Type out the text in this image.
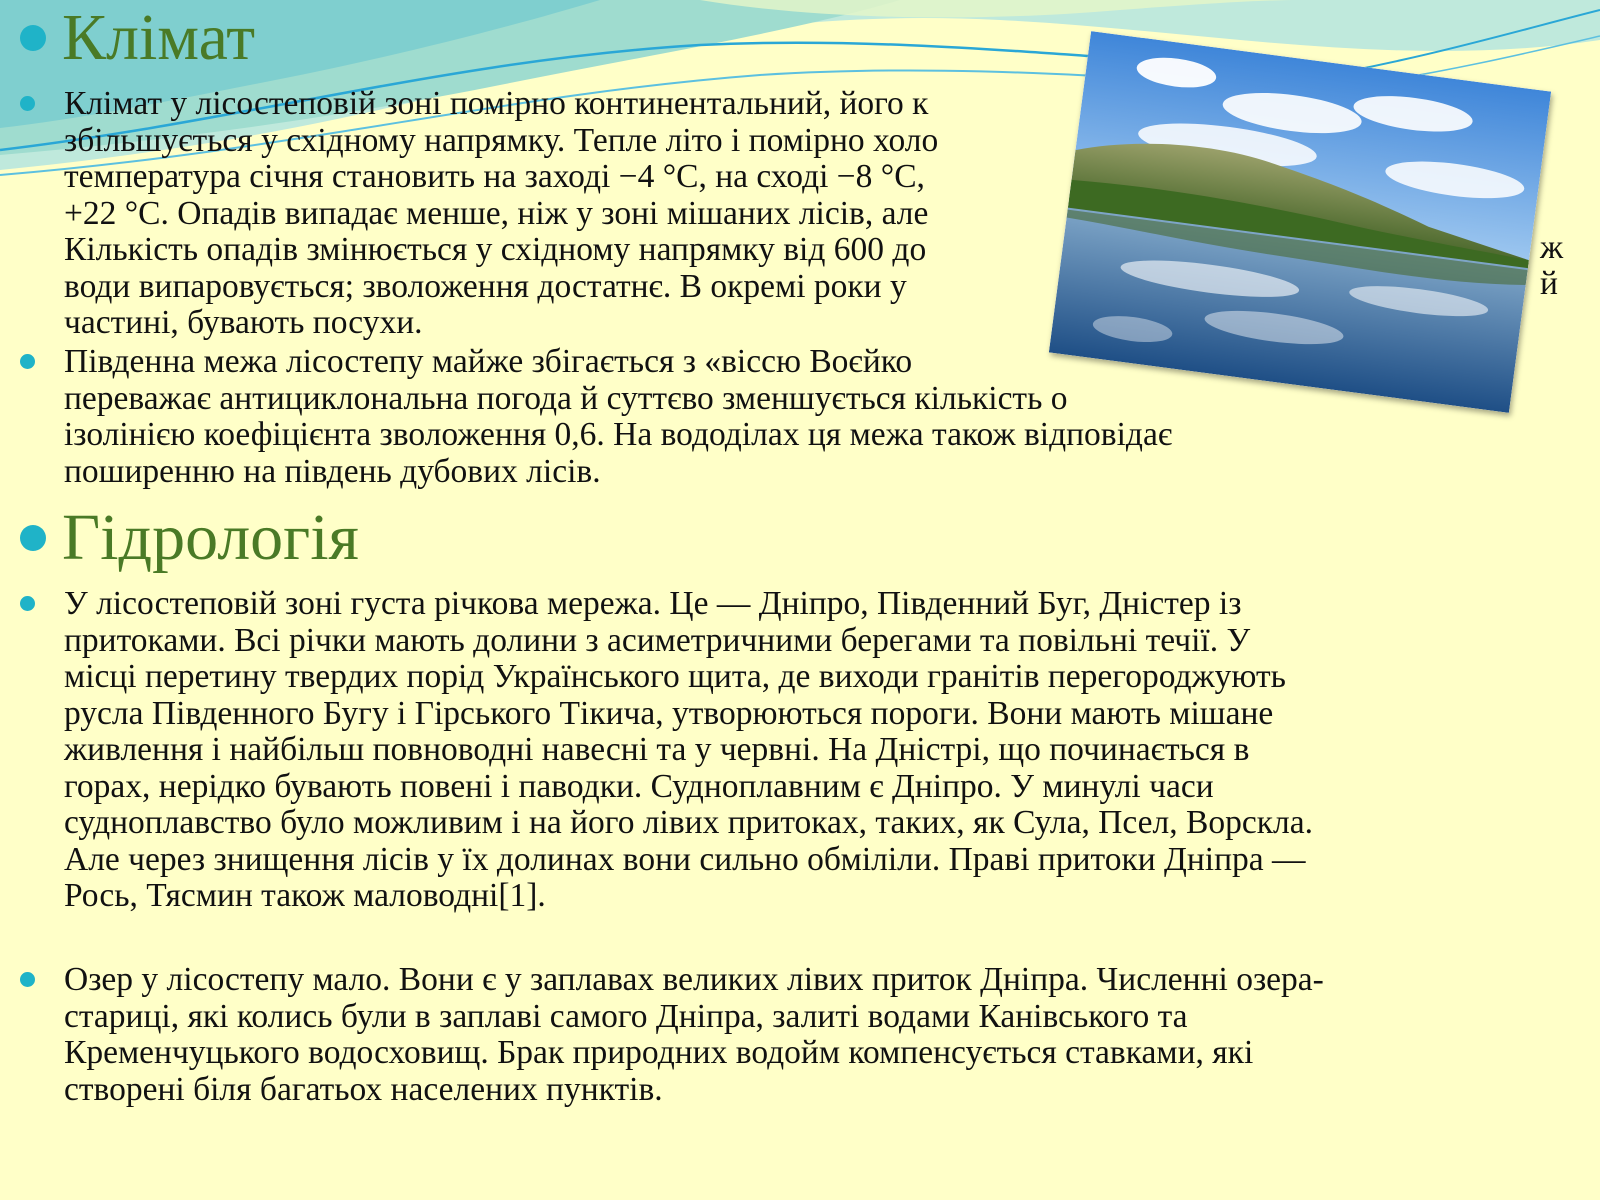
Клімат
Клімат у лісостеповій зоні помірно континентальний, його к
збільшується у східному напрямку. Тепле літо і помірно холо
температура січня становить на заході −4 °С, на сході −8 °С,
+22 °С. Опадів випадає менше, ніж у зоні мішаних лісів, але
Кількість опадів змінюється у східному напрямку від 600 до
води випаровується; зволоження достатнє. В окремі роки у
частині, бувають посухи.
ж
й
Південна межа лісостепу майже збігається з «віссю Воєйко
переважає антициклональна погода й суттєво зменшується кількість о
ізолінією коефіцієнта зволоження 0,6. На вододілах ця межа також відповідає
поширенню на південь дубових лісів.
Гідрологія
У лісостеповій зоні густа річкова мережа. Це — Дніпро, Південний Буг, Дністер із
притоками. Всі річки мають долини з асиметричними берегами та повільні течії. У
місці перетину твердих порід Українського щита, де виходи гранітів перегороджують
русла Південного Бугу і Гірського Тікича, утворюються пороги. Вони мають мішане
живлення і найбільш повноводні навесні та у червні. На Дністрі, що починається в
горах, нерідко бувають повені і паводки. Судноплавним є Дніпро. У минулі часи
судноплавство було можливим і на його лівих притоках, таких, як Сула, Псел, Ворскла.
Але через знищення лісів у їх долинах вони сильно обміліли. Праві притоки Дніпра —
Рось, Тясмин також маловодні[1].
Озер у лісостепу мало. Вони є у заплавах великих лівих приток Дніпра. Численні озера-
стариці, які колись були в заплаві самого Дніпра, залиті водами Канівського та
Кременчуцького водосховищ. Брак природних водойм компенсується ставками, які
створені біля багатьох населених пунктів.
